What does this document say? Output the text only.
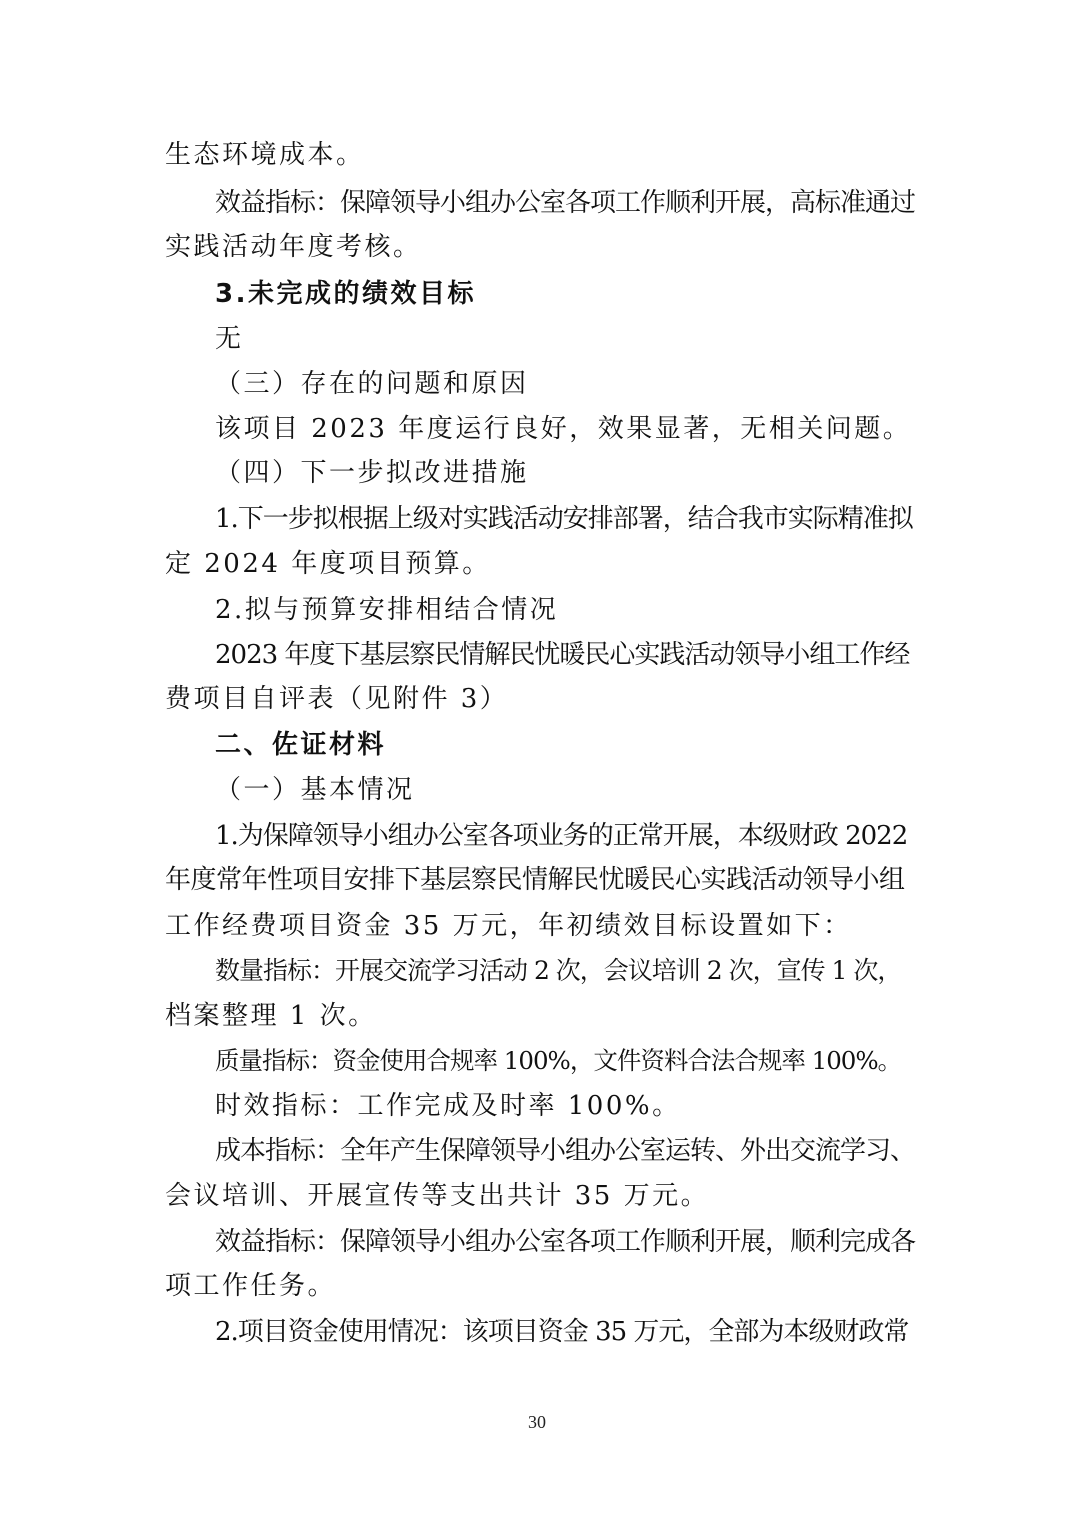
生态环境成本。

效益指标：保障领导小组办公室各项工作顺利开展，高标准通过

实践活动年度考核。

3.未完成的绩效目标

无

（三）存在的问题和原因

该项目 2023 年度运行良好，效果显著，无相关问题。

（四）下一步拟改进措施

1.下一步拟根据上级对实践活动安排部署，结合我市实际精准拟

定 2024 年度项目预算。

2.拟与预算安排相结合情况

2023 年度下基层察民情解民忧暖民心实践活动领导小组工作经

费项目自评表（见附件 3）

二、佐证材料

（一）基本情况

1.为保障领导小组办公室各项业务的正常开展，本级财政 2022

年度常年性项目安排下基层察民情解民忧暖民心实践活动领导小组

工作经费项目资金 35 万元，年初绩效目标设置如下：

数量指标：开展交流学习活动 2 次，会议培训 2 次，宣传 1 次，

档案整理 1 次。

质量指标：资金使用合规率 100%，文件资料合法合规率 100%。

时效指标：工作完成及时率 100%。

成本指标：全年产生保障领导小组办公室运转、外出交流学习、

会议培训、开展宣传等支出共计 35 万元。

效益指标：保障领导小组办公室各项工作顺利开展，顺利完成各

项工作任务。

2.项目资金使用情况：该项目资金 35 万元，全部为本级财政常

30
